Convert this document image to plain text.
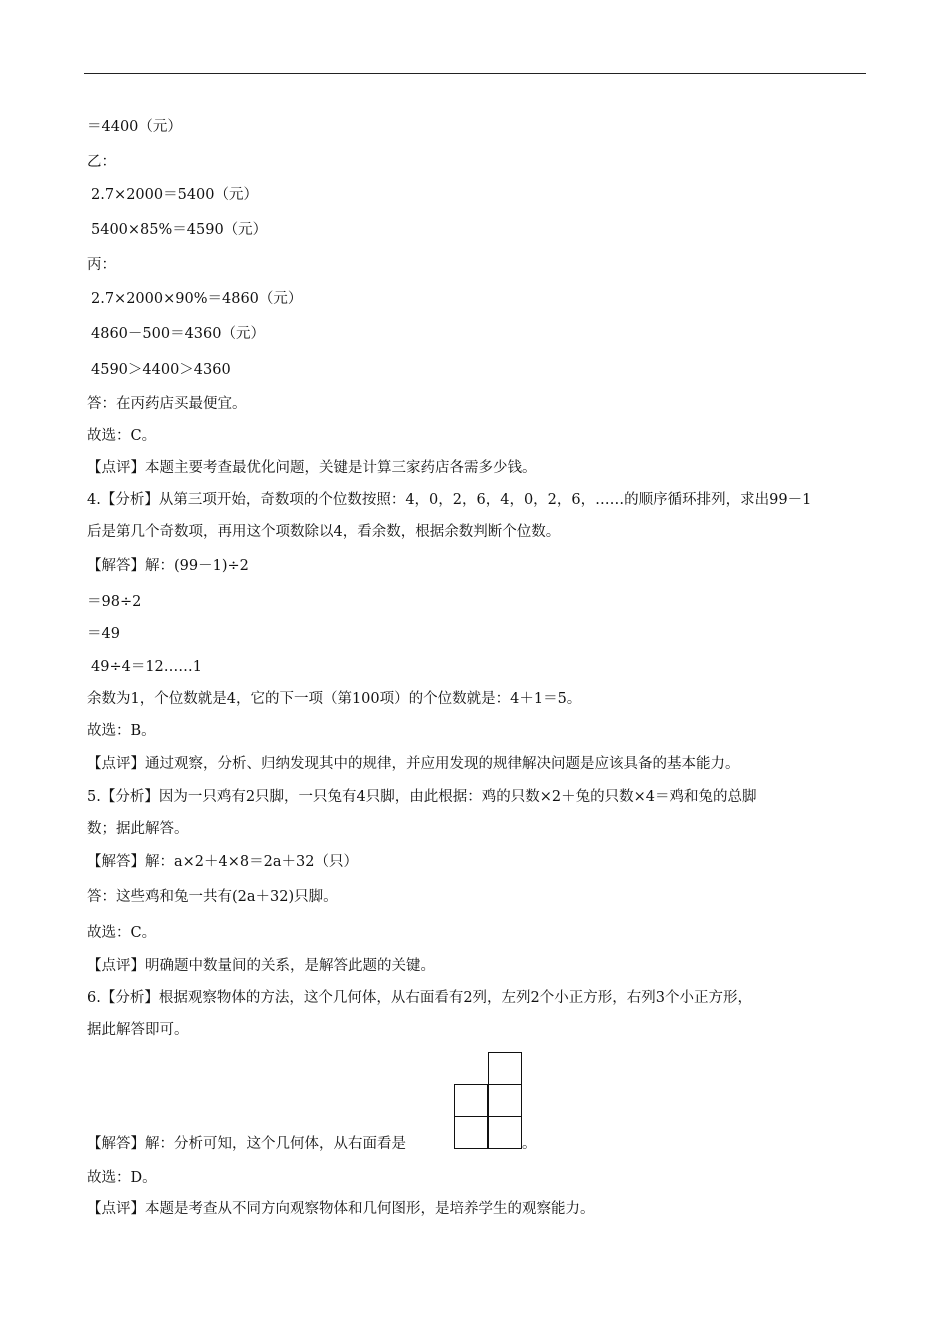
＝4400（元）
乙：
2.7×2000＝5400（元）
5400×85%＝4590（元）
丙：
2.7×2000×90%＝4860（元）
4860－500＝4360（元）
4590＞4400＞4360
答：在丙药店买最便宜。
故选：C。
【点评】本题主要考查最优化问题，关键是计算三家药店各需多少钱。
4.【分析】从第三项开始，奇数项的个位数按照：4，0，2，6，4，0，2，6，……的顺序循环排列，求出99－1
后是第几个奇数项，再用这个项数除以4，看余数，根据余数判断个位数。
【解答】解：(99－1)÷2
＝98÷2
＝49
49÷4＝12……1
余数为1，个位数就是4，它的下一项（第100项）的个位数就是：4＋1＝5。
故选：B。
【点评】通过观察，分析、归纳发现其中的规律，并应用发现的规律解决问题是应该具备的基本能力。
5.【分析】因为一只鸡有2只脚，一只兔有4只脚，由此根据：鸡的只数×2＋兔的只数×4＝鸡和兔的总脚
数；据此解答。
【解答】解：a×2＋4×8＝2a＋32（只）
答：这些鸡和兔一共有(2a＋32)只脚。
故选：C。
【点评】明确题中数量间的关系，是解答此题的关键。
6.【分析】根据观察物体的方法，这个几何体，从右面看有2列，左列2个小正方形，右列3个小正方形，
据此解答即可。
【解答】解：分析可知，这个几何体，从右面看是	。
故选：D。
【点评】本题是考查从不同方向观察物体和几何图形，是培养学生的观察能力。
